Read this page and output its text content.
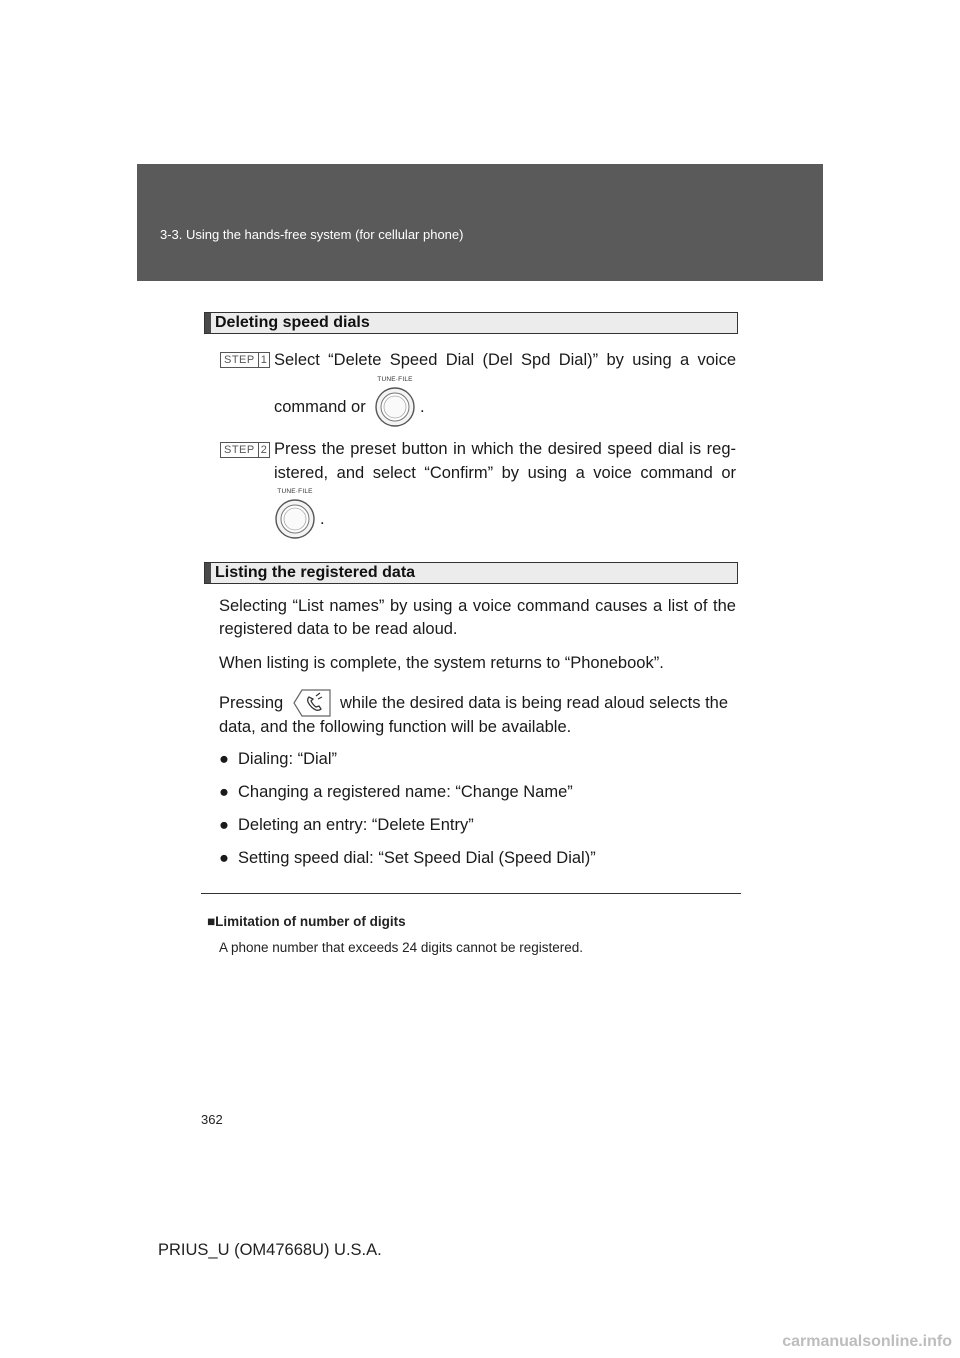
3-3. Using the hands-free system (for cellular phone)
Deleting speed dials
STEP 1 Select “Delete Speed Dial (Del Spd Dial)” by using a voice
command or
TUNE·FILE
.
STEP 2 Press the preset button in which the desired speed dial is reg-
istered, and select “Confirm” by using a voice command or
TUNE·FILE
.
Listing the registered data
Selecting “List names” by using a voice command causes a list of the
registered data to be read aloud.
When listing is complete, the system returns to “Phonebook”.
Pressing	while the desired data is being read aloud selects the
data, and the following function will be available.
● Dialing: “Dial”
● Changing a registered name: “Change Name”
● Deleting an entry: “Delete Entry”
● Setting speed dial: “Set Speed Dial (Speed Dial)”
■Limitation of number of digits
A phone number that exceeds 24 digits cannot be registered.
362
PRIUS_U (OM47668U) U.S.A.
carmanualsonline.info
